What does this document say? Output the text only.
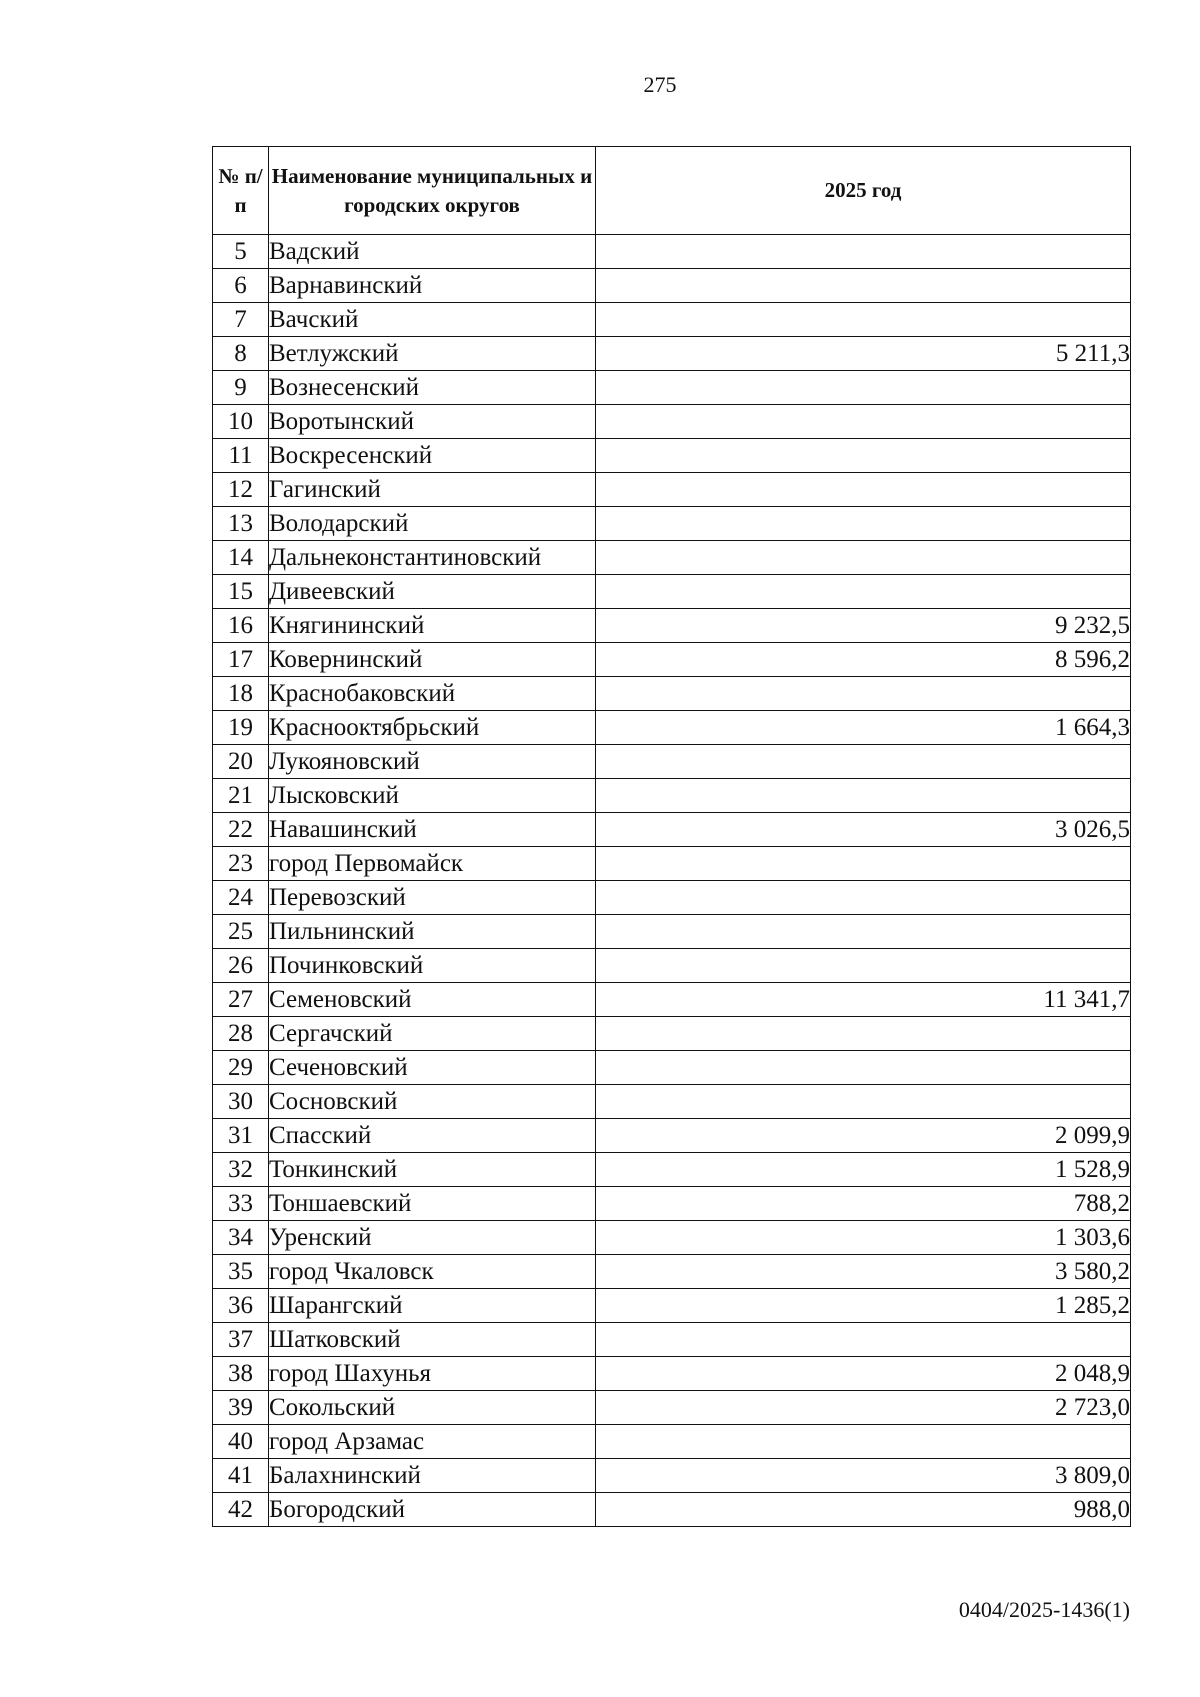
275
№ п/п	Наименование муниципальных и городских округов	2025 год
5	Вадский	
6	Варнавинский	
7	Вачский	
8	Ветлужский	5 211,3
9	Вознесенский	
10	Воротынский	
11	Воскресенский	
12	Гагинский	
13	Володарский	
14	Дальнеконстантиновский	
15	Дивеевский	
16	Княгининский	9 232,5
17	Ковернинский	8 596,2
18	Краснобаковский	
19	Краснооктябрьский	1 664,3
20	Лукояновский	
21	Лысковский	
22	Навашинский	3 026,5
23	город Первомайск	
24	Перевозский	
25	Пильнинский	
26	Починковский	
27	Семеновский	11 341,7
28	Сергачский	
29	Сеченовский	
30	Сосновский	
31	Спасский	2 099,9
32	Тонкинский	1 528,9
33	Тоншаевский	788,2
34	Уренский	1 303,6
35	город Чкаловск	3 580,2
36	Шарангский	1 285,2
37	Шатковский	
38	город Шахунья	2 048,9
39	Сокольский	2 723,0
40	город Арзамас	
41	Балахнинский	3 809,0
42	Богородский	988,0
0404/2025-1436(1)
